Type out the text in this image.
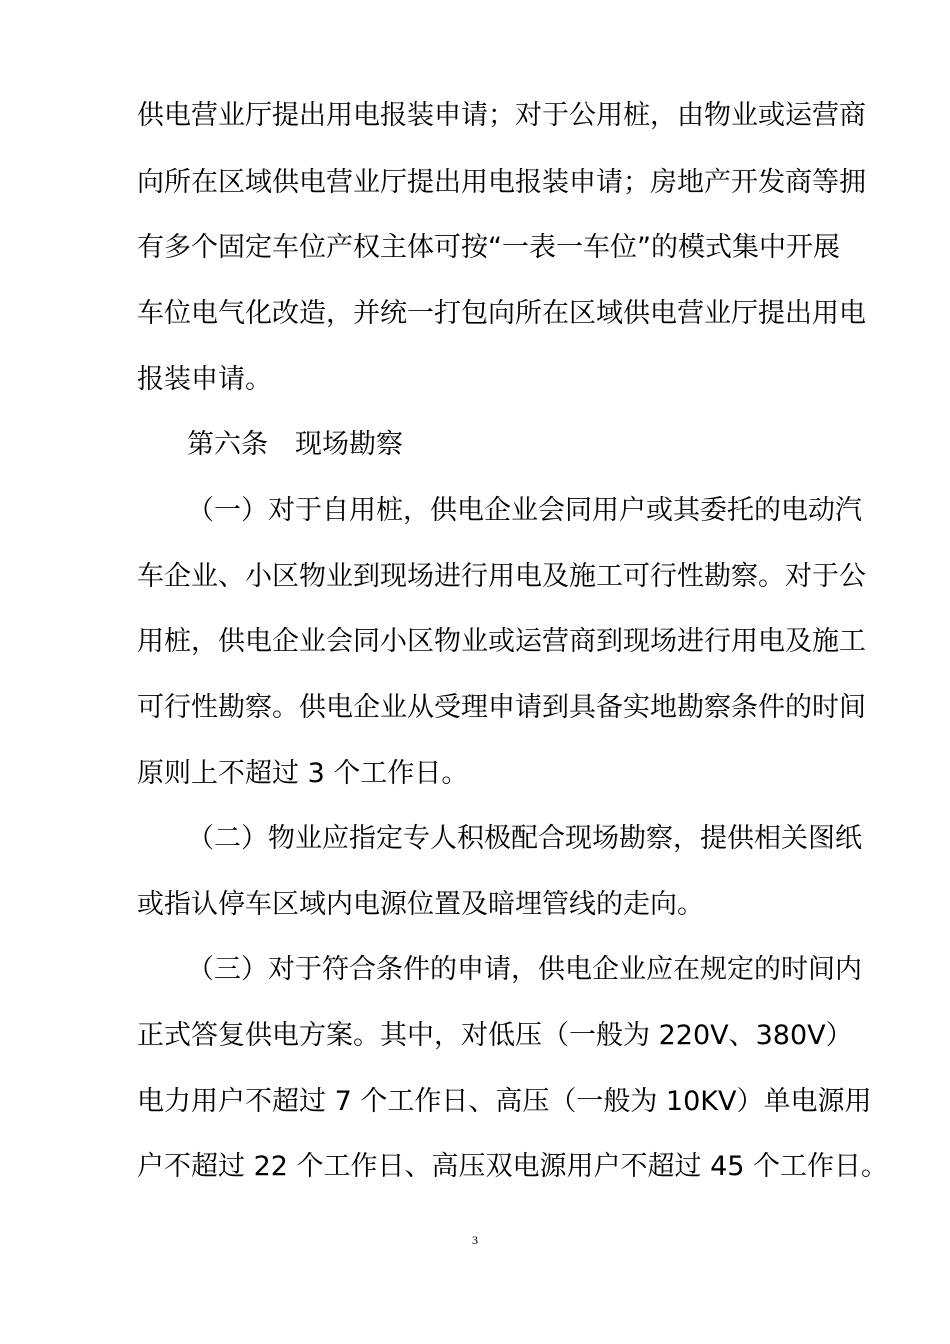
供电营业厅提出用电报装申请；对于公用桩，由物业或运营商
向所在区域供电营业厅提出用电报装申请；房地产开发商等拥
有多个固定车位产权主体可按“一表一车位”的模式集中开展
车位电气化改造，并统一打包向所在区域供电营业厅提出用电
报装申请。
第六条　现场勘察
（一）对于自用桩，供电企业会同用户或其委托的电动汽
车企业、小区物业到现场进行用电及施工可行性勘察。对于公
用桩，供电企业会同小区物业或运营商到现场进行用电及施工
可行性勘察。供电企业从受理申请到具备实地勘察条件的时间
原则上不超过 3 个工作日。
（二）物业应指定专人积极配合现场勘察，提供相关图纸
或指认停车区域内电源位置及暗埋管线的走向。
（三）对于符合条件的申请，供电企业应在规定的时间内
正式答复供电方案。其中，对低压（一般为 220V、380V）
电力用户不超过 7 个工作日、高压（一般为 10KV）单电源用
户不超过 22 个工作日、高压双电源用户不超过 45 个工作日。
3
